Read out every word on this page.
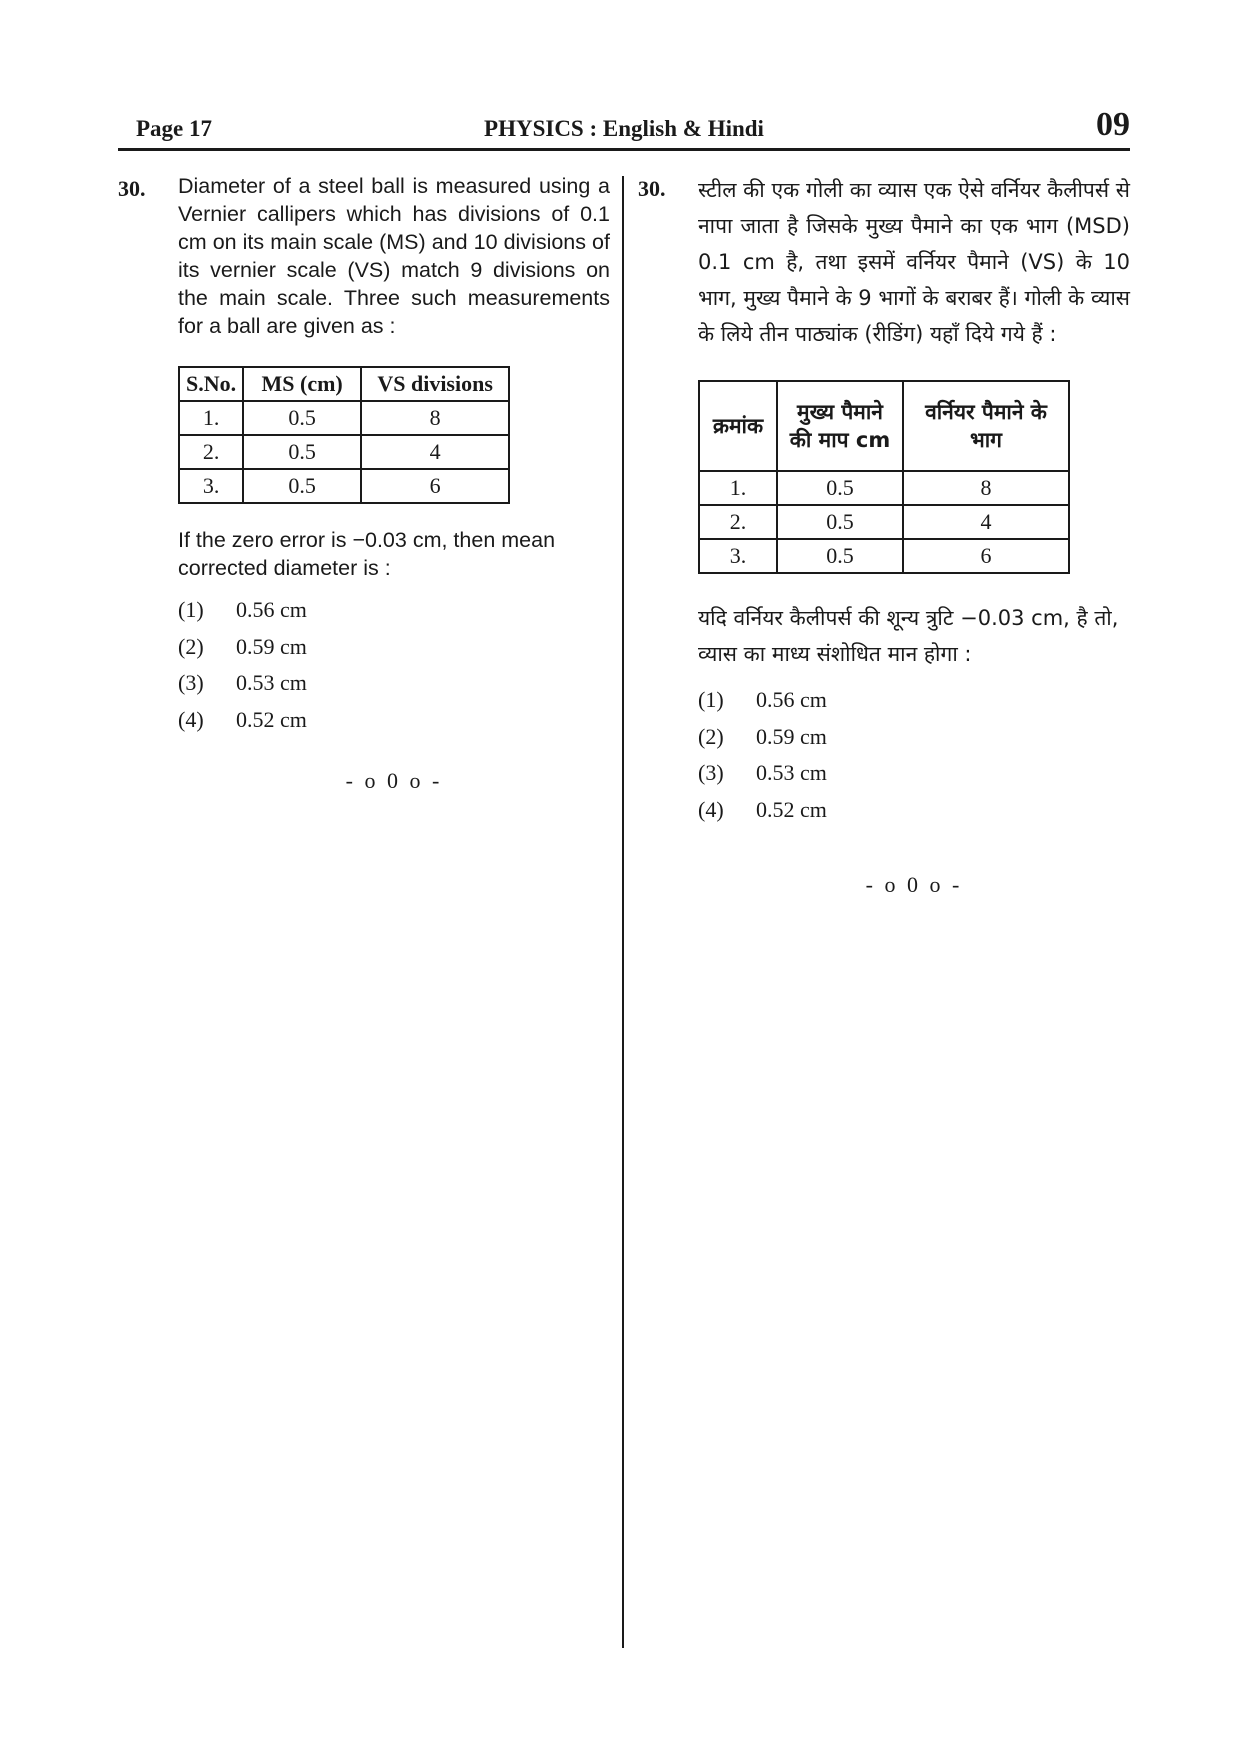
Page 17	PHYSICS : English & Hindi	09
30. Diameter of a steel ball is measured using a Vernier callipers which has divisions of 0.1 cm on its main scale (MS) and 10 divisions of its vernier scale (VS) match 9 divisions on the main scale. Three such measurements for a ball are given as :
S.No.	MS (cm)	VS divisions
1.	0.5	8
2.	0.5	4
3.	0.5	6
If the zero error is −0.03 cm, then mean corrected diameter is :
(1)	0.56 cm
(2)	0.59 cm
(3)	0.53 cm
(4)	0.52 cm
- o 0 o -
30. स्टील की एक गोली का व्यास एक ऐसे वर्नियर कैलीपर्स से नापा जाता है जिसके मुख्य पैमाने का एक भाग (MSD) 0.1 cm है, तथा इसमें वर्नियर पैमाने (VS) के 10 भाग, मुख्य पैमाने के 9 भागों के बराबर हैं। गोली के व्यास के लिये तीन पाठ्यांक (रीडिंग) यहाँ दिये गये हैं :
क्रमांक	मुख्य पैमाने की माप cm	वर्नियर पैमाने के भाग
1.	0.5	8
2.	0.5	4
3.	0.5	6
यदि वर्नियर कैलीपर्स की शून्य त्रुटि −0.03 cm, है तो, व्यास का माध्य संशोधित मान होगा :
(1)	0.56 cm
(2)	0.59 cm
(3)	0.53 cm
(4)	0.52 cm
- o 0 o -
